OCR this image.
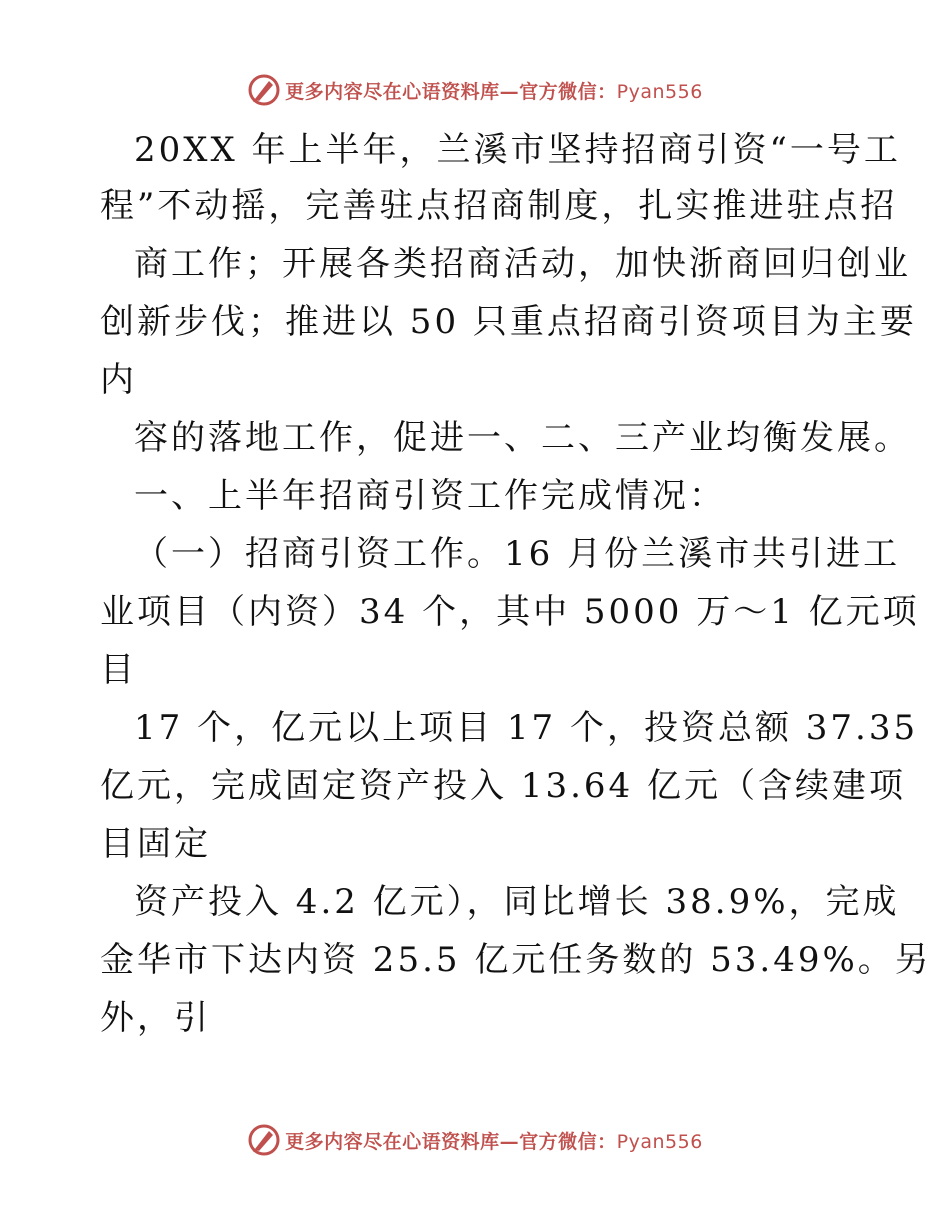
更多内容尽在心语资料库—官方微信：Pyan556
20XX 年上半年，兰溪市坚持招商引资“一号工
程”不动摇，完善驻点招商制度，扎实推进驻点招
商工作；开展各类招商活动，加快浙商回归创业
创新步伐；推进以 50 只重点招商引资项目为主要
内
容的落地工作，促进一、二、三产业均衡发展。
一、上半年招商引资工作完成情况：
（一）招商引资工作。16 月份兰溪市共引进工
业项目（内资）34 个，其中 5000 万～1 亿元项
目
17 个，亿元以上项目 17 个，投资总额 37.35
亿元，完成固定资产投入 13.64 亿元（含续建项
目固定
资产投入 4.2 亿元），同比增长 38.9%，完成
金华市下达内资 25.5 亿元任务数的 53.49%。另
外，引
更多内容尽在心语资料库—官方微信：Pyan556
